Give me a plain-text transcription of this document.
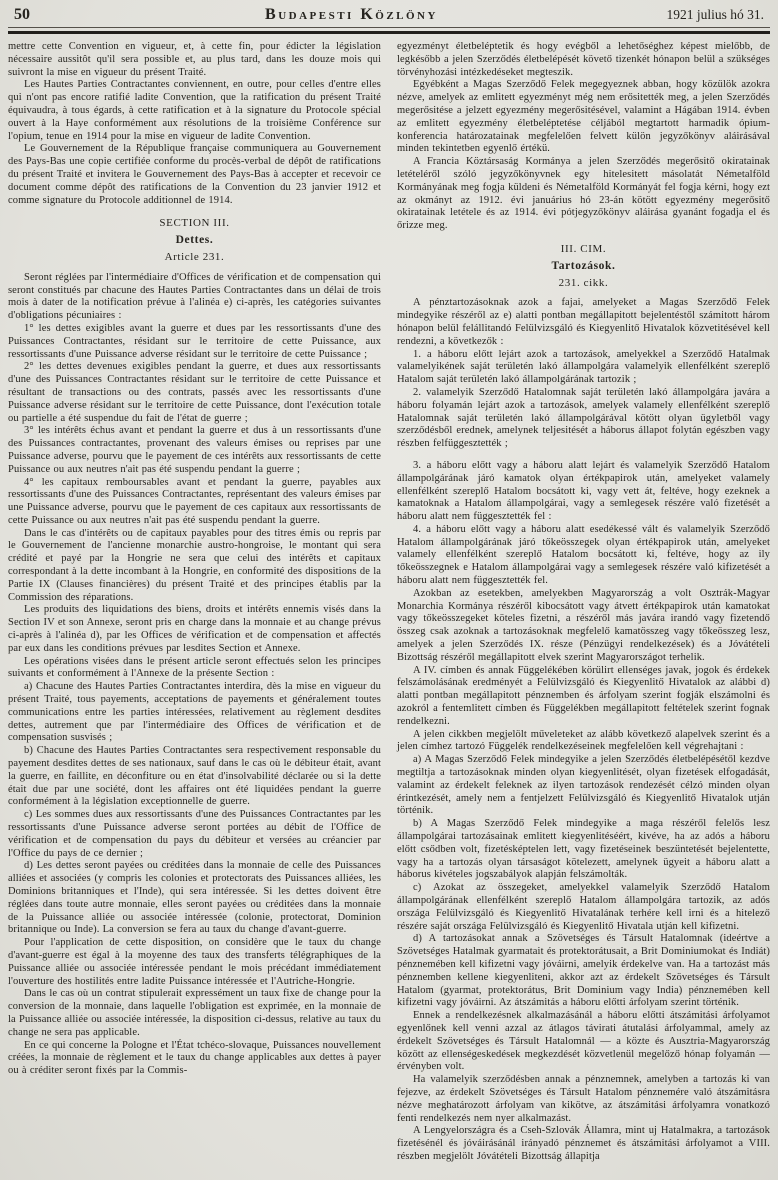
50	Budapesti Közlöny	1921 julius hó 31.

mettre cette Convention en vigueur, et, à cette fin, pour édicter la législation nécessaire aussitôt qu'il sera possible et, au plus tard, dans les douze mois qui suivront la mise en vigueur du présent Traité.

Les Hautes Parties Contractantes conviennent, en outre, pour celles d'entre elles qui n'ont pas encore ratifié ladite Convention, que la ratification du présent Traité équivaudra, à tous égards, à cette ratification et à la signature du Protocole spécial ouvert à la Haye conformément aux résolutions de la troisième Conférence sur l'opium, tenue en 1914 pour la mise en vigueur de ladite Convention.

Le Gouvernement de la République française communiquera au Gouvernement des Pays-Bas une copie certifiée conforme du procès-verbal de dépôt de ratifications du présent Traité et invitera le Gouvernement des Pays-Bas à accepter et recevoir ce document comme dépôt des ratifications de la Convention du 23 janvier 1912 et comme signature du Protocole additionnel de 1914.

SECTION III.

Dettes.

Article 231.

Seront réglées par l'intermédiaire d'Offices de vérification et de compensation qui seront constitués par chacune des Hautes Parties Contractantes dans un délai de trois mois à dater de la notification prévue à l'alinéa e) ci-après, les catégories suivantes d'obligations pécuniaires :

1° les dettes exigibles avant la guerre et dues par les ressortissants d'une des Puissances Contractantes, résidant sur le territoire de cette Puissance, aux ressortissants d'une Puissance adverse résidant sur le territoire de cette Puissance ;

2° les dettes devenues exigibles pendant la guerre, et dues aux ressortissants d'une des Puissances Contractantes résidant sur le territoire de cette Puissance et résultant de transactions ou des contrats, passés avec les ressortissants d'une Puissance adverse résidant sur le territoire de cette Puissance, dont l'exécution totale ou partielle a été suspendue du fait de l'état de guerre ;

3° les intérêts échus avant et pendant la guerre et dus à un ressortissants d'une des Puissances contractantes, provenant des valeurs émises ou reprises par une Puissance adverse, pourvu que le payement de ces intérêts aux ressortissants de cette Puissance ou aux neutres n'ait pas été suspendu pendant la guerre ;

4° les capitaux remboursables avant et pendant la guerre, payables aux ressortissants d'une des Puissances Contractantes, représentant des valeurs émises par une Puissance adverse, pourvu que le payement de ces capitaux aux ressortissants de cette Puissance ou aux neutres n'ait pas été suspendu pendant la guerre.

Dans le cas d'intérêts ou de capitaux payables pour des titres émis ou repris par le Gouvernement de l'ancienne monarchie austro-hongroise, le montant qui sera crédité et payé par la Hongrie ne sera que celui des intérêts et capitaux correspondant à la dette incombant à la Hongrie, en conformité des dispositions de la Partie IX (Clauses financières) du présent Traité et des principes établis par la Commission des réparations.

Les produits des liquidations des biens, droits et intérêts ennemis visés dans la Section IV et son Annexe, seront pris en charge dans la monnaie et au change prévus ci-après à l'alinéa d), par les Offices de vérification et de compensation et affectés par eux dans les conditions prévues par lesdites Section et Annexe.

Les opérations visées dans le présent article seront effectués selon les principes suivants et conformément à l'Annexe de la présente Section :

a) Chacune des Hautes Parties Contractantes interdira, dès la mise en vigueur du présent Traité, tous payements, acceptations de payements et généralement toutes communications entre les parties intéressées, relativement au règlement desdites dettes, autrement que par l'intermédiaire des Offices de vérification et de compensation susvisés ;

b) Chacune des Hautes Parties Contractantes sera respectivement responsable du payement desdites dettes de ses nationaux, sauf dans le cas où le débiteur était, avant la guerre, en faillite, en déconfiture ou en état d'insolvabilité déclarée ou si la dette était due par une société, dont les affaires ont été liquidées pendant la guerre conformément à la législation exceptionnelle de guerre.

c) Les sommes dues aux ressortissants d'une des Puissances Contractantes par les ressortissants d'une Puissance adverse seront portées au débit de l'Office de vérification et de compensation du pays du débiteur et versées au créancier par l'Office du pays de ce dernier ;

d) Les dettes seront payées ou créditées dans la monnaie de celle des Puissances alliées et associées (y compris les colonies et protectorats des Puissances alliées, les Dominions britanniques et l'Inde), qui sera intéressée. Si les dettes doivent être réglées dans toute autre monnaie, elles seront payées ou créditées dans la monnaie de la Puissance alliée ou associée intéressée (colonie, protectorat, Dominion britannique ou Inde). La conversion se fera au taux du change d'avant-guerre.

Pour l'application de cette disposition, on considère que le taux du change d'avant-guerre est égal à la moyenne des taux des transferts télégraphiques de la Puissance alliée ou associée intéressée pendant le mois précédant immédiatement l'ouverture des hostilités entre ladite Puissance intéressée et l'Autriche-Hongrie.

Dans le cas où un contrat stipulerait expressément un taux fixe de change pour la conversion de la monnaie, dans laquelle l'obligation est exprimée, en la monnaie de la Puissance alliée ou associée intéressée, la disposition ci-dessus, relative au taux du change ne sera pas applicable.

En ce qui concerne la Pologne et l'État tchéco-slovaque, Puissances nouvellement créées, la monnaie de règlement et le taux du change applicables aux dettes à payer ou à créditer seront fixés par la Commis-

egyezményt életbeléptetik és hogy evégből a lehetőséghez képest mielőbb, de legkésőbb a jelen Szerződés életbelépését követő tizenkét hónapon belül a szükséges törvényhozási intézkedéseket megteszik.

Egyébként a Magas Szerződő Felek megegyeznek abban, hogy közülök azokra nézve, amelyek az emlitett egyezményt még nem erősitették meg, a jelen Szerződés megerősitése a jelzett egyezmény megerősitésével, valamint a Hágában 1914. évben az emlitett egyezmény életbeléptetése céljából megtartott harmadik ópium-konferencia határozatainak megfelelően felvett külön jegyzőkönyv aláirásával minden tekintetben egyenlő értékü.

A Francia Köztársaság Kormánya a jelen Szerződés megerősitő okiratainak letételéről szóló jegyzőkönyvnek egy hitelesitett másolatát Németalföld Kormányának meg fogja küldeni és Németalföld Kormányát fel fogja kérni, hogy ezt az okmányt az 1912. évi januárius hó 23-án kötött egyezmény megerősitő okiratainak letétele és az 1914. évi pótjegyzőkönyv aláirása gyanánt fogadja el és őrizze meg.

III. CIM.

Tartozások.

231. cikk.

A pénztartozásoknak azok a fajai, amelyeket a Magas Szerződő Felek mindegyike részéről az e) alatti pontban megállapitott bejelentéstől számitott három hónapon belül felállitandó Felülvizsgáló és Kiegyenlitő Hivatalok közvetitésével kell rendezni, a következők :

1. a háboru előtt lejárt azok a tartozások, amelyekkel a Szerződő Hatalmak valamelyikének saját területén lakó állampolgára valamelyik ellenfélként szereplő Hatalom saját területén lakó állampolgárának tartozik ;

2. valamelyik Szerződő Hatalomnak saját területén lakó állampolgára javára a háboru folyamán lejárt azok a tartozások, amelyek valamely ellenfélként szereplő Hatalomnak saját területén lakó állampolgárával kötött olyan ügyletből vagy szerződésből erednek, amelynek teljesitését a háborus állapot folytán egészben vagy részben felfüggesztették ;

3. a háboru előtt vagy a háboru alatt lejárt és valamelyik Szerződő Hatalom állampolgárának járó kamatok olyan értékpapirok után, amelyeket valamely ellenfélként szereplő Hatalom bocsátott ki, vagy vett át, feltéve, hogy ezeknek a kamatoknak a Hatalom állampolgárai, vagy a semlegesek részére való fizetését a háboru alatt nem függesztették fel :

4. a háboru előtt vagy a háboru alatt esedékessé vált és valamelyik Szerződő Hatalom állampolgárának járó tőkeösszegek olyan értékpapirok után, amelyeket valamely ellenfélként szereplő Hatalom bocsátott ki, feltéve, hogy az ily tőkeösszegnek e Hatalom állampolgárai vagy a semlegesek részére való kifizetését a háboru alatt nem függesztették fel.

Azokban az esetekben, amelyekben Magyarország a volt Osztrák-Magyar Monarchia Kormánya részéről kibocsátott vagy átvett értékpapirok után kamatokat vagy tőkeösszegeket köteles fizetni, a részéről más javára irandó vagy fizetendő összeg csak azoknak a tartozásoknak megfelelő kamatösszeg vagy tőkeösszeg lesz, amelyek a jelen Szerződés IX. része (Pénzügyi rendelkezések) és a Jóvátételi Bizottság részéről megállapitott elvek szerint Magyarországot terhelik.

A IV. címben és annak Függelékében körülirt ellenséges javak, jogok és érdekek felszámolásának eredményét a Felülvizsgáló és Kiegyenlitő Hivatalok az alábbi d) alatti pontban megállapitott pénznemben és árfolyam szerint fogják elszámolni és azokról a fentemlitett címben és Függelékben megállapitott feltételek szerint fognak rendelkezni.

A jelen cikkben megjelölt műveleteket az alább következő alapelvek szerint és a jelen címhez tartozó Függelék rendelkezéseinek megfelelően kell végrehajtani :

a) A Magas Szerződő Felek mindegyike a jelen Szerződés életbelépésétől kezdve megtiltja a tartozásoknak minden olyan kiegyenlitését, olyan fizetések elfogadását, valamint az érdekelt feleknek az ilyen tartozások rendezését célzó minden olyan érintkezését, amely nem a fentjelzett Felülvizsgáló és Kiegyenlitő Hivatalok utján történik.

b) A Magas Szerződő Felek mindegyike a maga részéről felelős lesz állampolgárai tartozásainak emlitett kiegyenlitéséért, kivéve, ha az adós a háboru előtt csődben volt, fizetésképtelen lett, vagy fizetéseinek beszüntetését bejelentette, vagy ha a tartozás olyan társaságot kötelezett, amelynek ügyeit a háboru alatt a háborus kivételes jogszabályok alapján felszámolták.

c) Azokat az összegeket, amelyekkel valamelyik Szerződő Hatalom állampolgárának ellenfélként szereplő Hatalom állampolgára tartozik, az adós országa Felülvizsgáló és Kiegyenlitő Hivatalának terhére kell irni és a hitelező részére saját országa Felülvizsgáló és Kiegyenlitő Hivatala utján kell kifizetni.

d) A tartozásokat annak a Szövetséges és Társult Hatalomnak (ideértve a Szövetséges Hatalmak gyarmatait és protektorátusait, a Brit Dominiumokat és Indiát) pénznemében kell kifizetni vagy jóváirni, amelyik érdekelve van. Ha a tartozást más pénznemben kellene kiegyenliteni, akkor azt az érdekelt Szövetséges és Társult Hatalom (gyarmat, protektorátus, Brit Dominium vagy India) pénznemében kell kifizetni vagy jóváirni. Az átszámitás a háboru előtti árfolyam szerint történik.

Ennek a rendelkezésnek alkalmazásánál a háboru előtti átszámitási árfolyamot egyenlőnek kell venni azzal az átlagos távirati átutalási árfolyammal, amely az érdekelt Szövetséges és Társult Hatalomnál — a közte és Ausztria-Magyarország között az ellenségeskedések megkezdését közvetlenül megelőző hónap folyamán — érvényben volt.

Ha valamelyik szerződésben annak a pénznemnek, amelyben a tartozás ki van fejezve, az érdekelt Szövetséges és Társult Hatalom pénznemére való átszámitásra nézve meghatározott árfolyam van kikötve, az átszámitási árfolyamra vonatkozó fenti rendelkezés nem nyer alkalmazást.

A Lengyelországra és a Cseh-Szlovák Államra, mint uj Hatalmakra, a tartozások fizetésénél és jóváirásánál irányadó pénznemet és átszámitási árfolyamot a VIII. részben megjelölt Jóvátételi Bizottság állapitja
